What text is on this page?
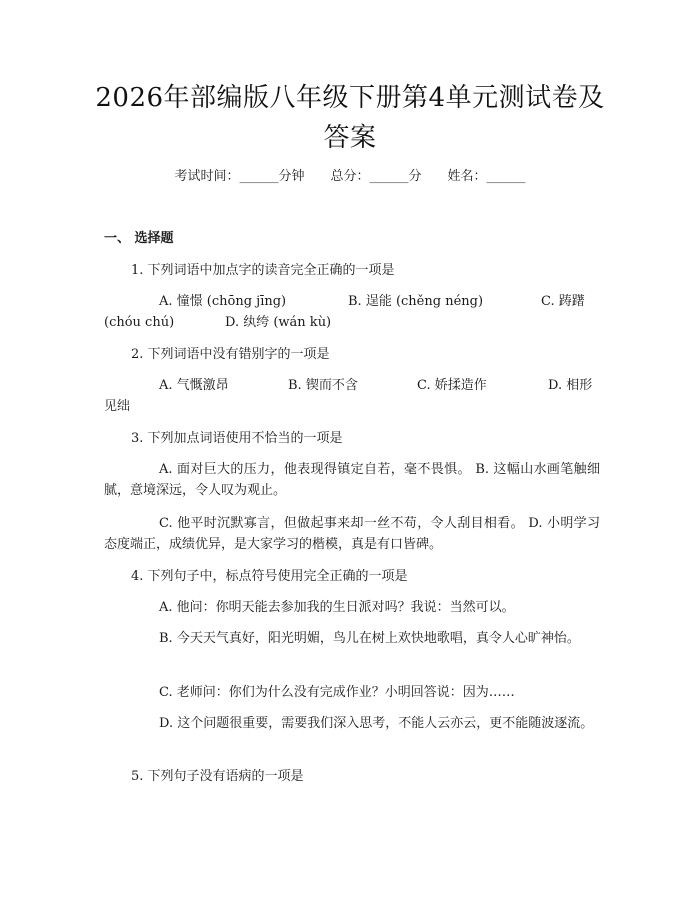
2026年部编版八年级下册第4单元测试卷及
答案
考试时间：______分钟 总分：______分 姓名：______
一、 选择题
1. 下列词语中加点字的读音完全正确的一项是
A. 憧憬 (chōng jīng)	B. 逞能 (chěng néng)	C. 踌躇
(chóu chú)	D. 纨绔 (wán kù)
2. 下列词语中没有错别字的一项是
A. 气慨激昂	B. 锲而不含	C. 娇揉造作	D. 相形
见绌
3. 下列加点词语使用不恰当的一项是
A. 面对巨大的压力，他表现得镇定自若，毫不畏惧。 B. 这幅山水画笔触细腻，意境深远，令人叹为观止。
C. 他平时沉默寡言，但做起事来却一丝不苟，令人刮目相看。 D. 小明学习态度端正，成绩优异，是大家学习的楷模，真是有口皆碑。
4. 下列句子中，标点符号使用完全正确的一项是
A. 他问：你明天能去参加我的生日派对吗？我说：当然可以。
B. 今天天气真好，阳光明媚，鸟儿在树上欢快地歌唱，真令人心旷神怡。
C. 老师问：你们为什么没有完成作业？小明回答说：因为……
D. 这个问题很重要，需要我们深入思考，不能人云亦云，更不能随波逐流。
5. 下列句子没有语病的一项是
